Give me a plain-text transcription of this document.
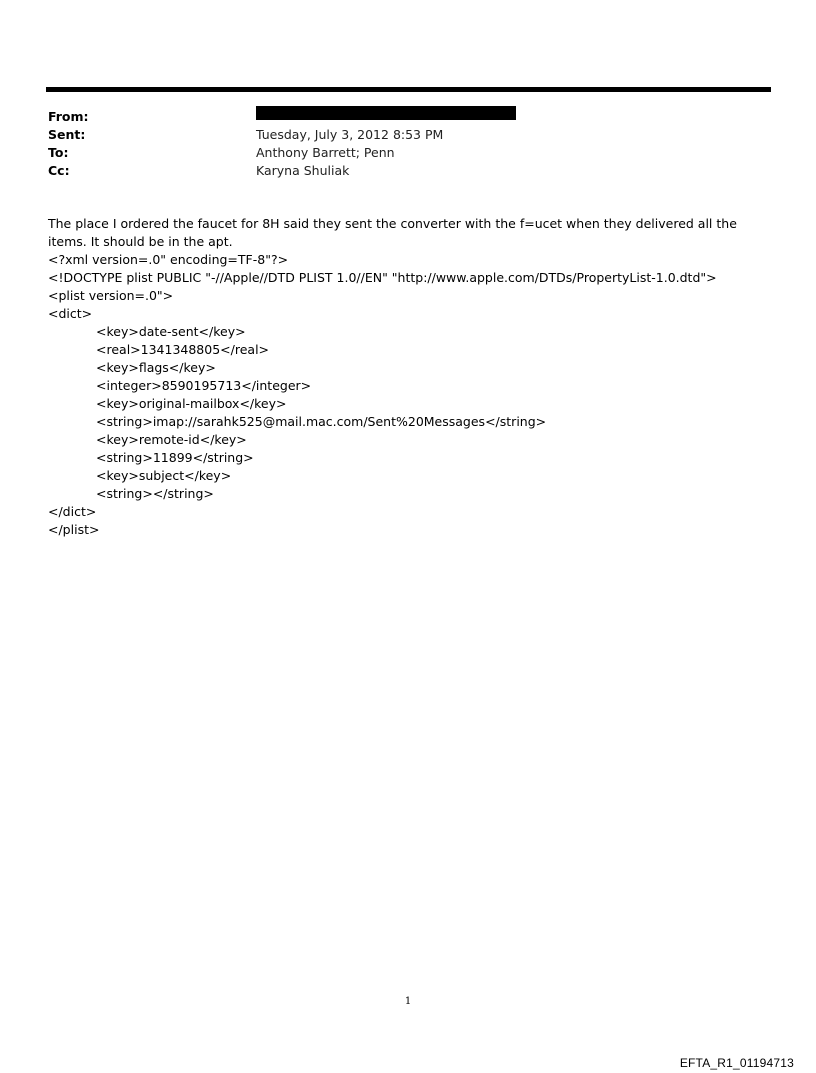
From:
Sent:	Tuesday, July 3, 2012 8:53 PM
To:	Anthony Barrett; Penn
Cc:	Karyna Shuliak
The place I ordered the faucet for 8H said they sent the converter with the f=ucet when they delivered all the items. It should be in the apt.
<?xml version=.0" encoding=TF-8"?>
<!DOCTYPE plist PUBLIC "-//Apple//DTD PLIST 1.0//EN" "http://www.apple.com/DTDs/PropertyList-1.0.dtd">
<plist version=.0">
<dict>
<key>date-sent</key>
<real>1341348805</real>
<key>flags</key>
<integer>8590195713</integer>
<key>original-mailbox</key>
<string>imap://sarahk525@mail.mac.com/Sent%20Messages</string>
<key>remote-id</key>
<string>11899</string>
<key>subject</key>
<string></string>
</dict>
</plist>
1
EFTA_R1_01194713
